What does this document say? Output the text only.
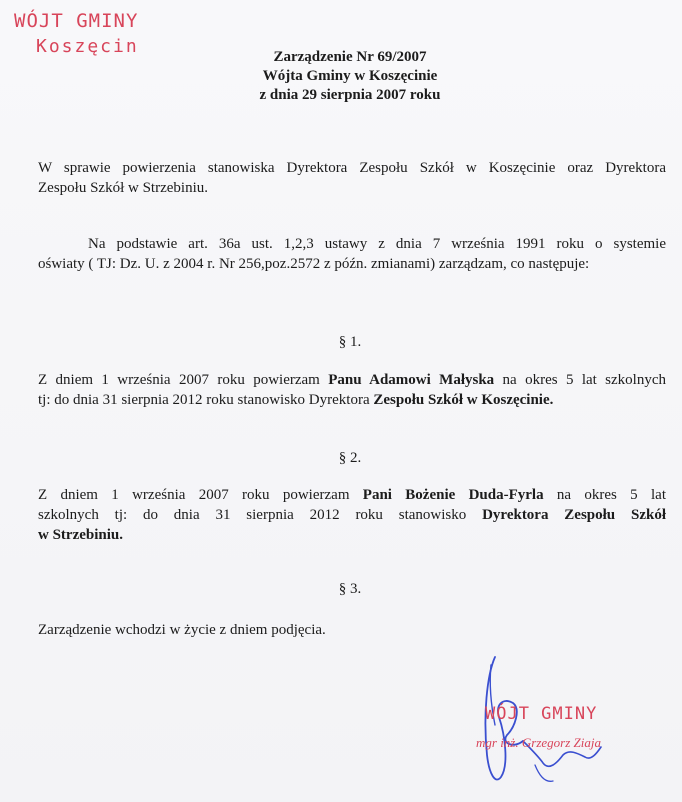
WÓJT GMINY
Koszęcin	Zarządzenie Nr 69/2007
Wójta Gminy w Koszęcinie
z dnia 29 sierpnia 2007 roku
W sprawie powierzenia stanowiska Dyrektora Zespołu Szkół w Koszęcinie oraz Dyrektora
Zespołu Szkół w Strzebiniu.
Na podstawie art. 36a ust. 1,2,3 ustawy z dnia 7 września 1991 roku o systemie
oświaty ( TJ: Dz. U. z 2004 r. Nr 256,poz.2572 z późn. zmianami) zarządzam, co następuje:
§ 1.
Z dniem 1 września 2007 roku powierzam Panu Adamowi Małyska na okres 5 lat szkolnych
tj: do dnia 31 sierpnia 2012 roku stanowisko Dyrektora Zespołu Szkół w Koszęcinie.
§ 2.
Z dniem 1 września 2007 roku powierzam Pani Bożenie Duda-Fyrla na okres 5 lat
szkolnych tj: do dnia 31 sierpnia 2012 roku stanowisko Dyrektora Zespołu Szkół
w Strzebiniu.
§ 3.
Zarządzenie wchodzi w życie z dniem podjęcia.
WÓJT GMINY
mgr inż. Grzegorz Ziaja
